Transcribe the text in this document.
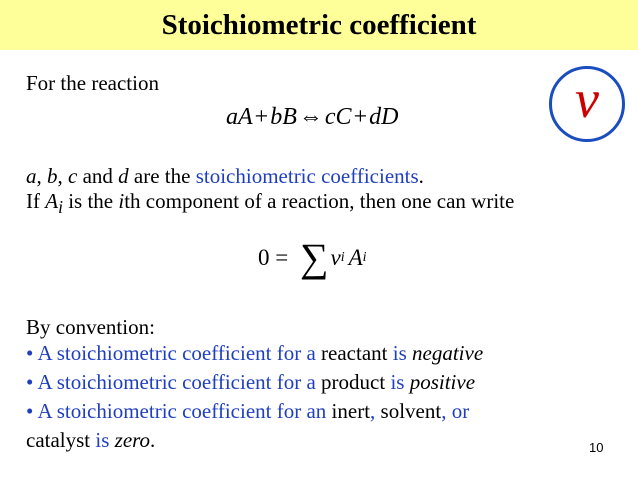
Stoichiometric coefficient
For the reaction
aA+bB⇔cC+dD	ν
a, b, c and d are the stoichiometric coefficients.
If $A_i$ is the ith component of a reaction, then one can write
0 = ∑ ν i A i
By convention:
• A stoichiometric coefficient for a reactant is negative
• A stoichiometric coefficient for a product is positive
• A stoichiometric coefficient for an inert, solvent, or
catalyst is zero.	10
